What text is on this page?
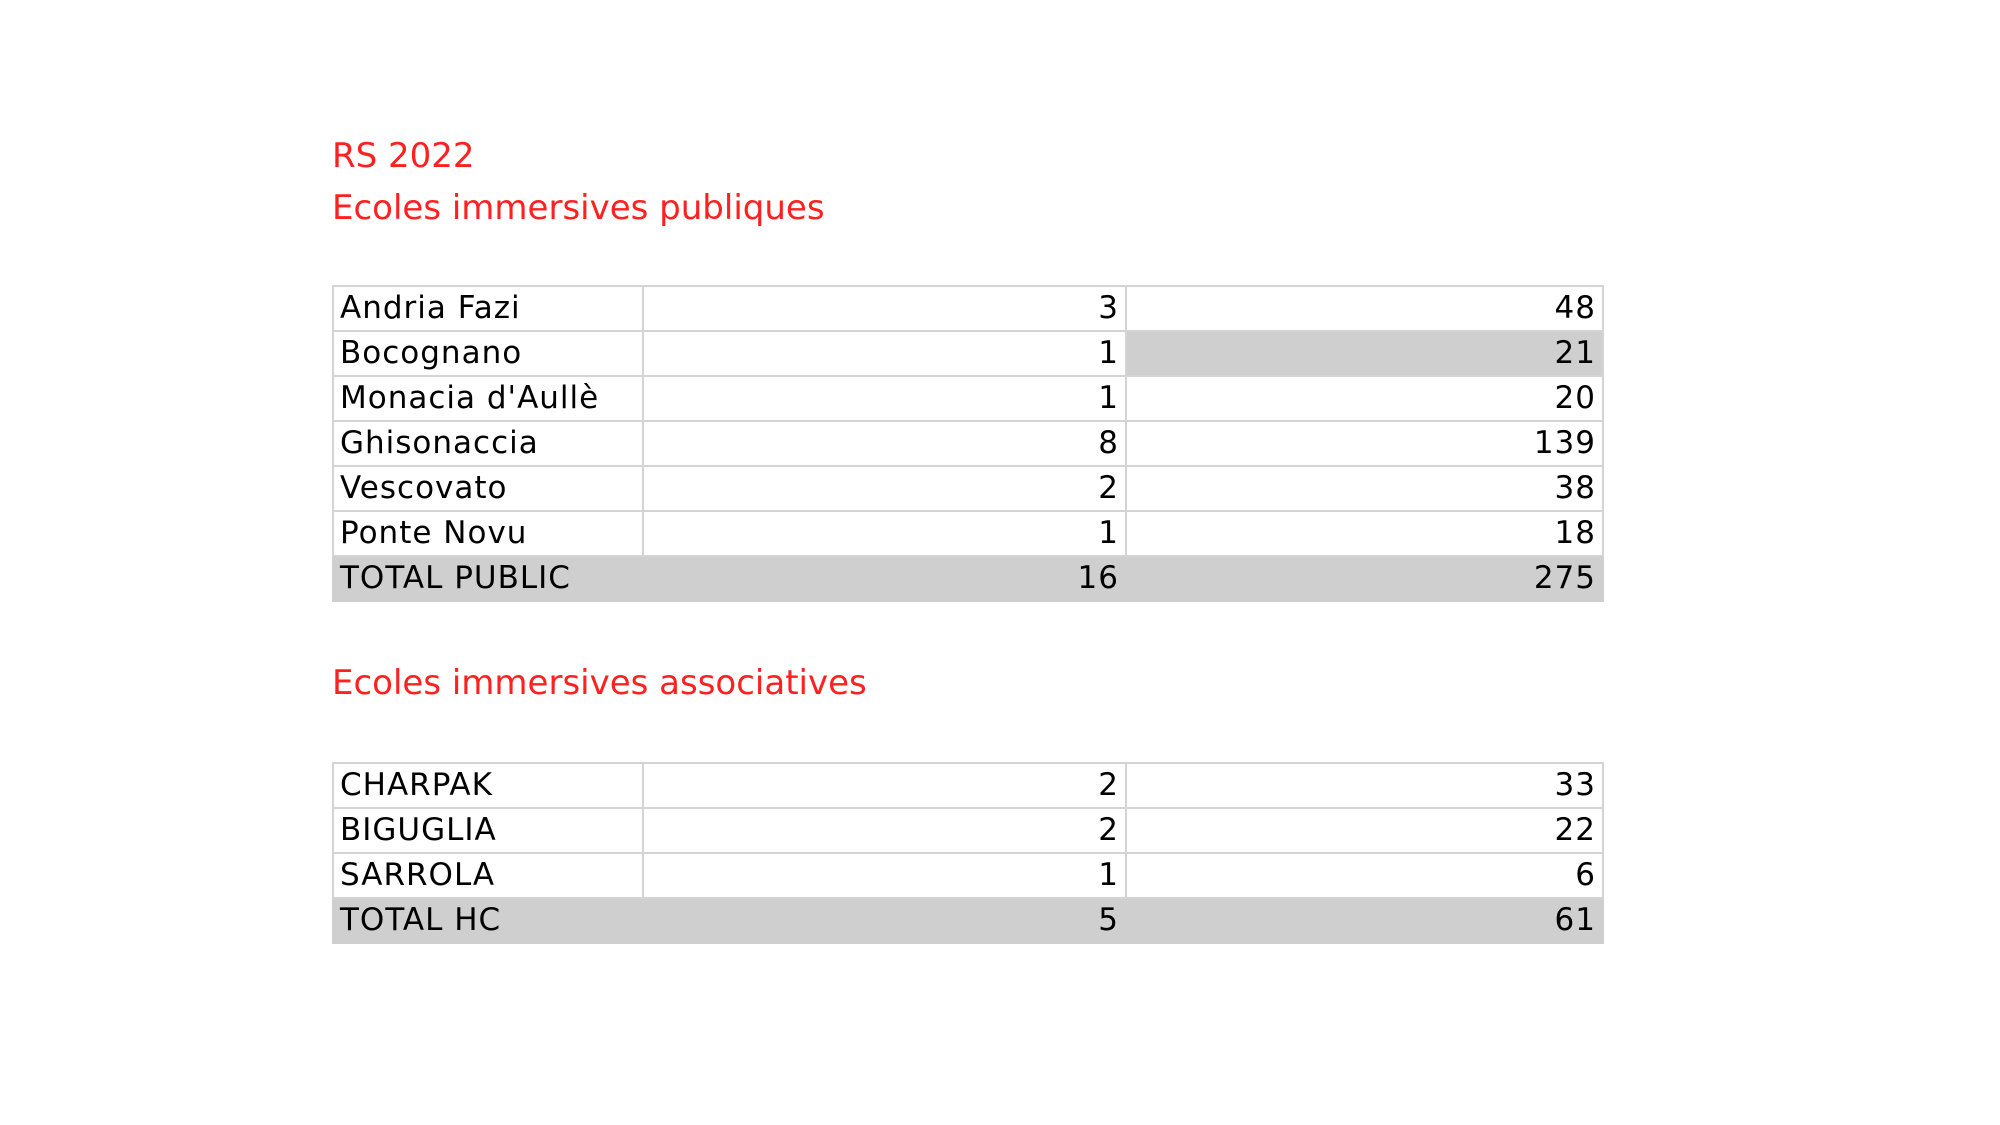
RS 2022
Ecoles immersives publiques
Andria Fazi	3	48
Bocognano	1	21
Monacia d'Aullè	1	20
Ghisonaccia	8	139
Vescovato	2	38
Ponte Novu	1	18
TOTAL PUBLIC	16	275
Ecoles immersives associatives
CHARPAK	2	33
BIGUGLIA	2	22
SARROLA	1	6
TOTAL HC	5	61
